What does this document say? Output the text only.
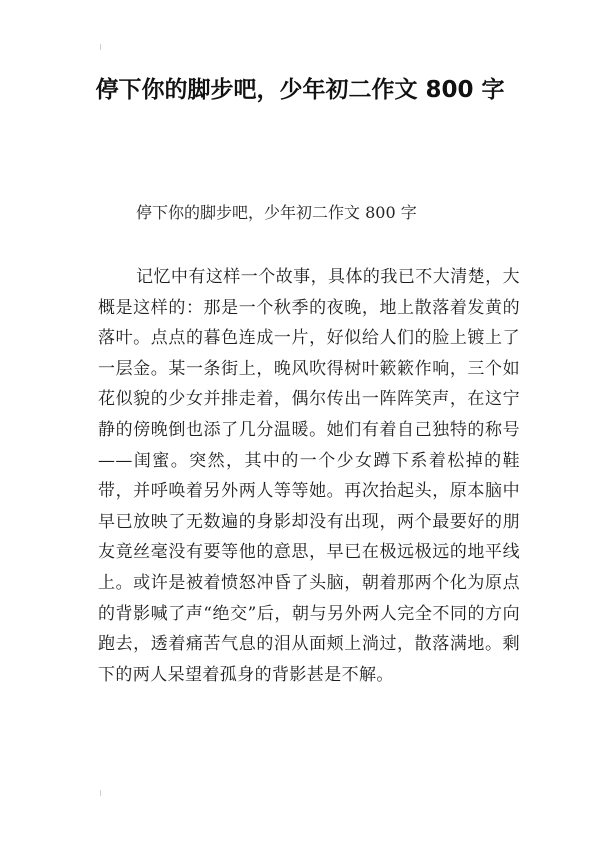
停下你的脚步吧，少年初二作文 800 字

停下你的脚步吧，少年初二作文 800 字

记忆中有这样一个故事，具体的我已不大清楚，大概是这样的：那是一个秋季的夜晚，地上散落着发黄的落叶。点点的暮色连成一片，好似给人们的脸上镀上了一层金。某一条街上，晚风吹得树叶簌簌作响，三个如花似貌的少女并排走着，偶尔传出一阵阵笑声，在这宁静的傍晚倒也添了几分温暖。她们有着自己独特的称号——闺蜜。突然，其中的一个少女蹲下系着松掉的鞋带，并呼唤着另外两人等等她。再次抬起头，原本脑中早已放映了无数遍的身影却没有出现，两个最要好的朋友竟丝毫没有要等他的意思，早已在极远极远的地平线上。或许是被着愤怒冲昏了头脑，朝着那两个化为原点的背影喊了声“绝交”后，朝与另外两人完全不同的方向跑去，透着痛苦气息的泪从面颊上淌过，散落满地。剩下的两人呆望着孤身的背影甚是不解。
